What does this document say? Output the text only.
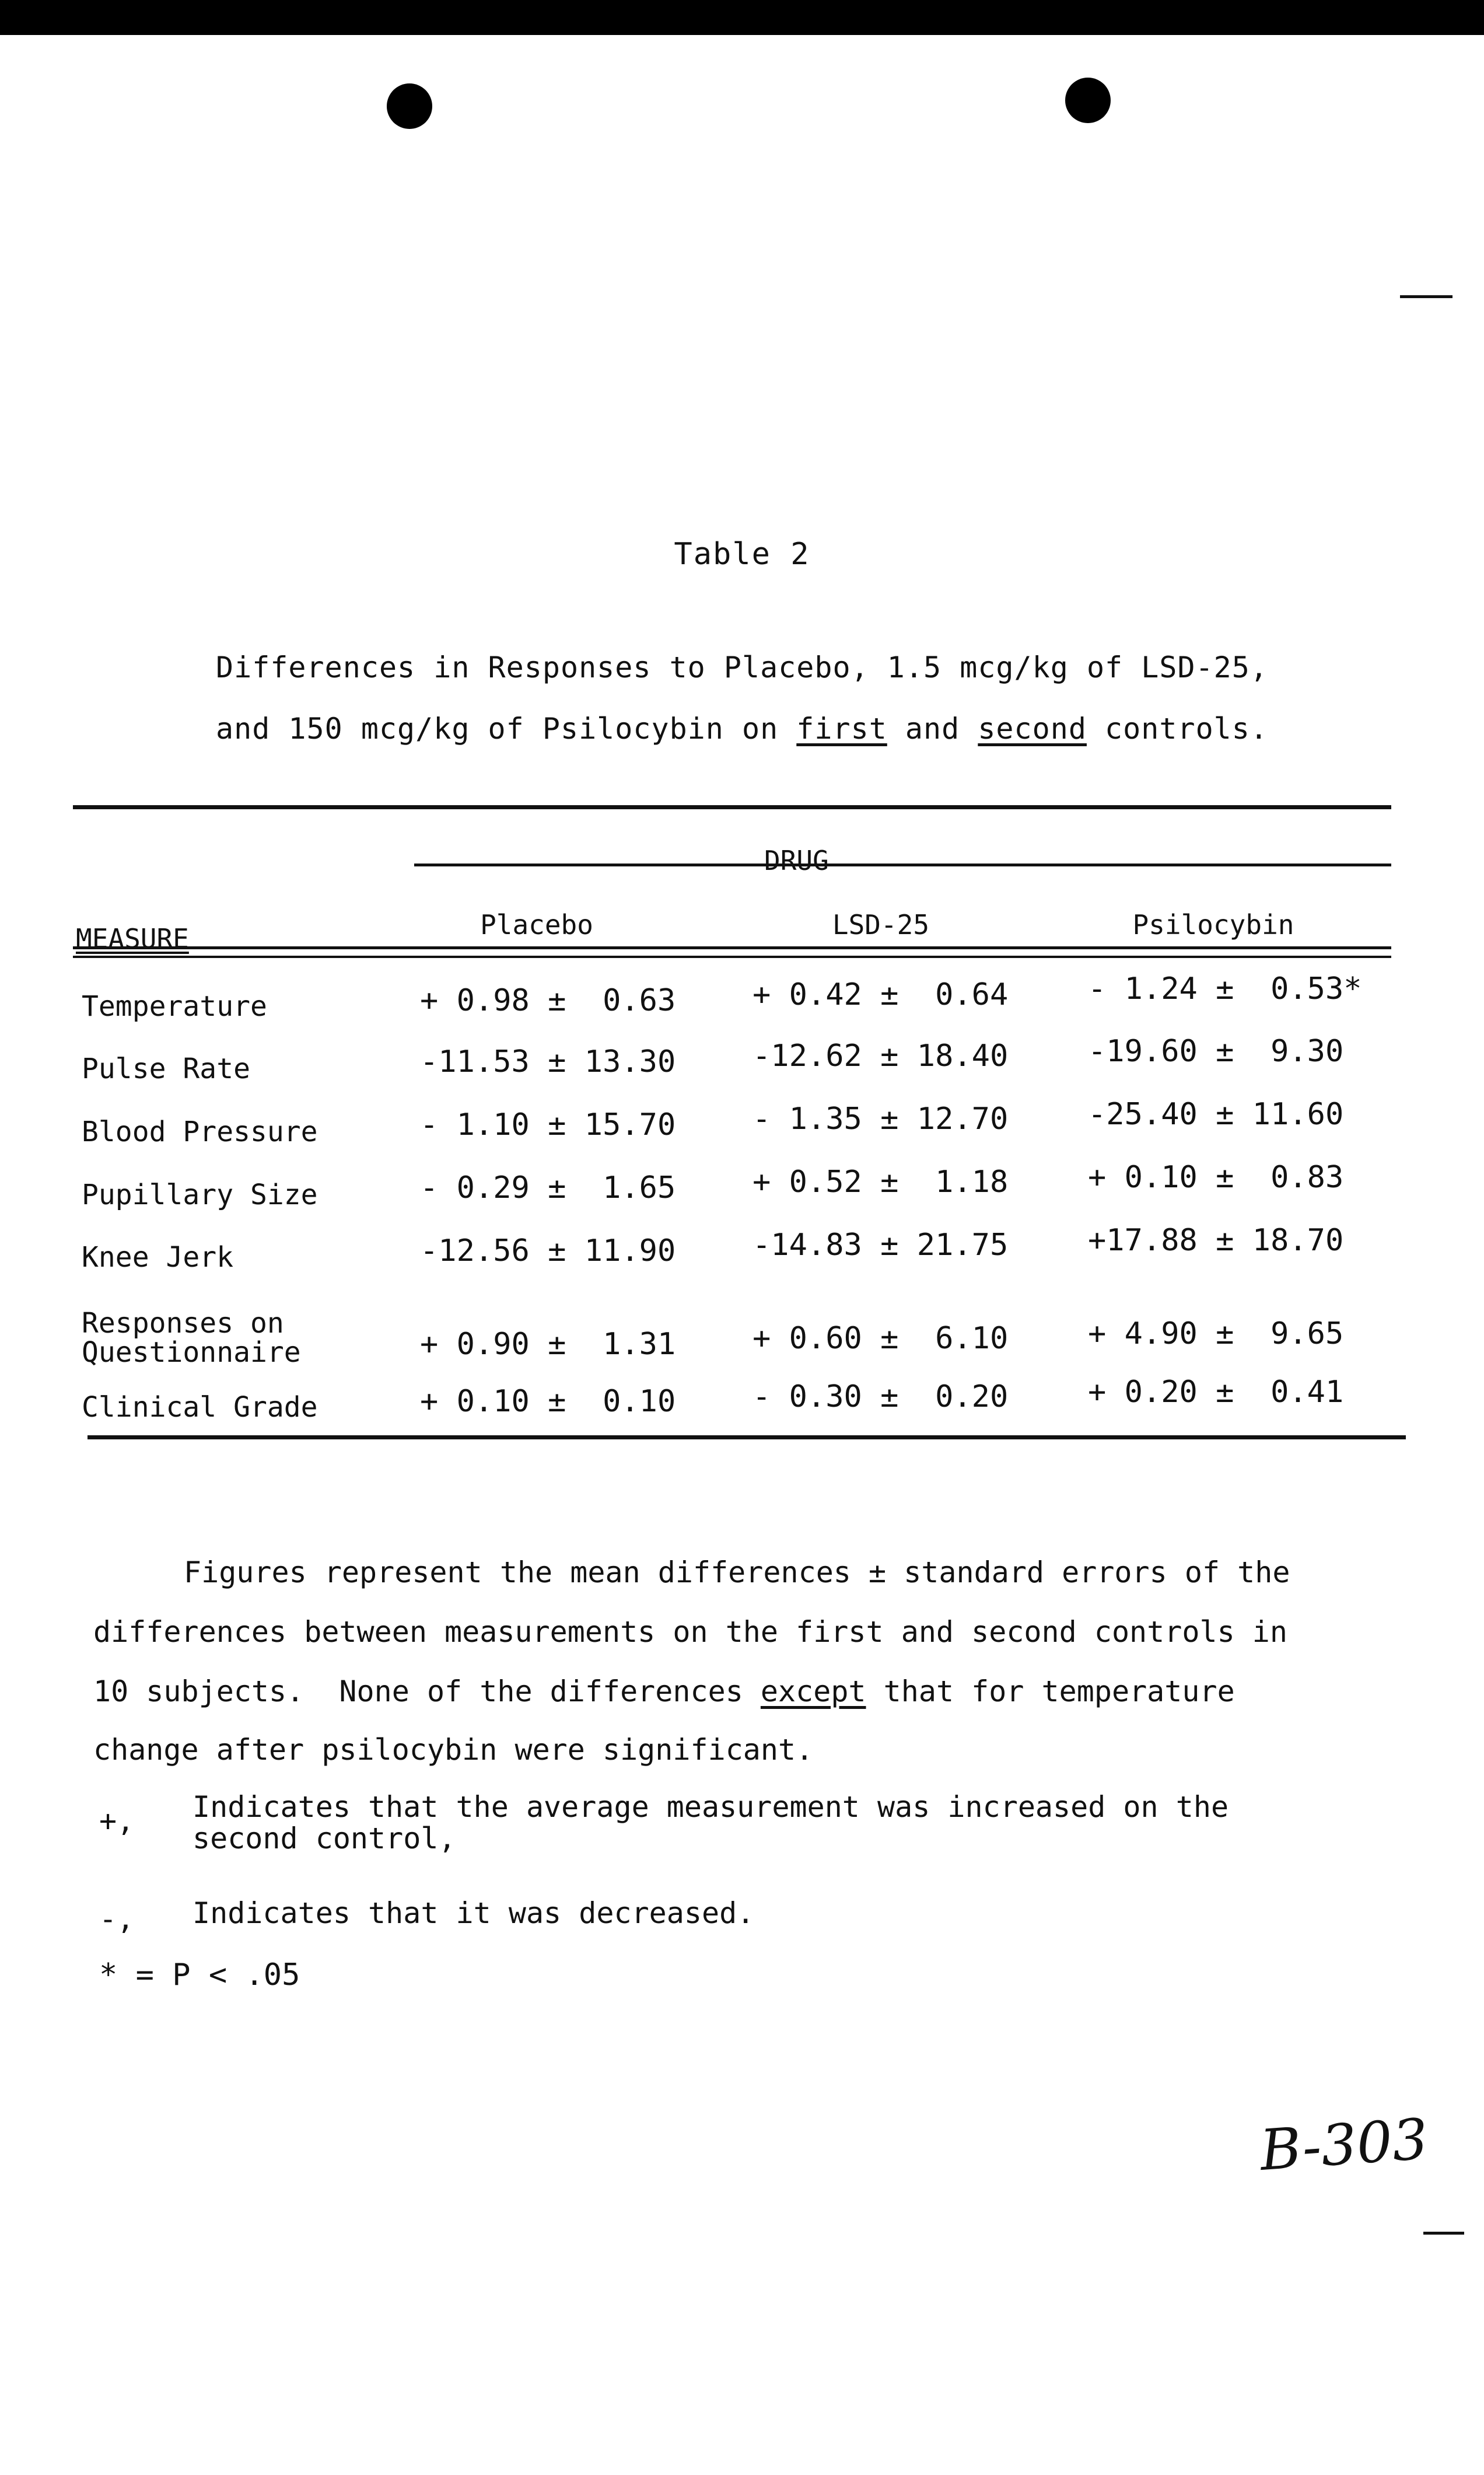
Table 2
Differences in Responses to Placebo, 1.5 mcg/kg of LSD-25,
and 150 mcg/kg of Psilocybin on first and second controls.
DRUG
MEASURE	Placebo	LSD-25	Psilocybin
Temperature	+ 0.98 ±  0.63	+ 0.42 ±  0.64	- 1.24 ±  0.53*
Pulse Rate	-11.53 ± 13.30	-12.62 ± 18.40	-19.60 ±  9.30
Blood Pressure	- 1.10 ± 15.70	- 1.35 ± 12.70	-25.40 ± 11.60
Pupillary Size	- 0.29 ±  1.65	+ 0.52 ±  1.18	+ 0.10 ±  0.83
Knee Jerk	-12.56 ± 11.90	-14.83 ± 21.75	+17.88 ± 18.70
Responses on
Questionnaire	+ 0.90 ±  1.31	+ 0.60 ±  6.10	+ 4.90 ±  9.65
Clinical Grade	+ 0.10 ±  0.10	- 0.30 ±  0.20	+ 0.20 ±  0.41
Figures represent the mean differences ± standard errors of the
differences between measurements on the first and second controls in
10 subjects.  None of the differences except that for temperature
change after psilocybin were significant.
+, Indicates that the average measurement was increased on the
second control,
-, Indicates that it was decreased.
* = P < .05
B-303
